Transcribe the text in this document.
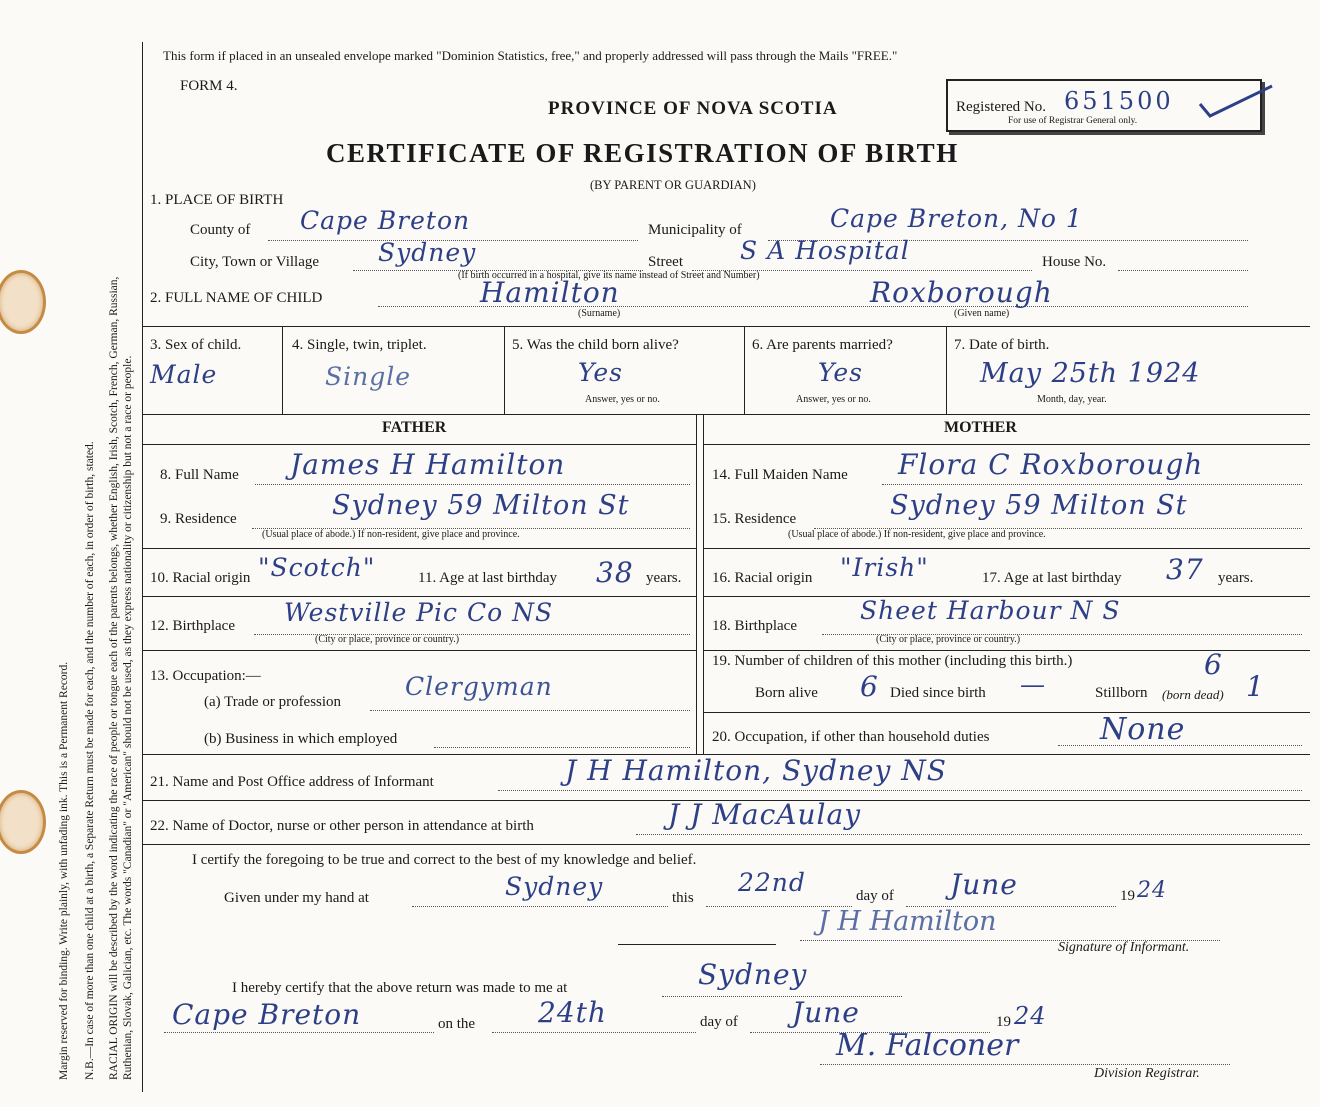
Margin reserved for binding. Write plainly, with unfading ink. This is a Permanent Record. N.B.—In case of more than one child at a birth, a Separate Return must be made for each, and the number of each, in order of birth, stated. RACIAL ORIGIN will be described by the word indicating the race of people or tongue each of the parents belongs, whether English, Irish, Scotch, French, German, Russian, Ruthenian, Slovak, Galician, etc. The words "Canadian" or "American" should not be used, as they express nationality or citizenship but not a race or people.
This form if placed in an unsealed envelope marked "Dominion Statistics, free," and properly addressed will pass through the Mails "FREE."
FORM 4.
PROVINCE OF NOVA SCOTIA	Registered No. 651500
For use of Registrar General only.
CERTIFICATE OF REGISTRATION OF BIRTH
(BY PARENT OR GUARDIAN)
1. PLACE OF BIRTH
County of Cape Breton	Municipality of	Cape Breton, No 1
City, Town or Village Sydney	Street S A Hospital	House No.
(If birth occurred in a hospital, give its name instead of Street and Number)
2. FULL NAME OF CHILD	Hamilton	Roxborough
(Surname)	(Given name)
3. Sex of child.
Male
4. Single, twin, triplet.
Single
5. Was the child born alive?
Yes
Answer, yes or no.
6. Are parents married?
Yes
Answer, yes or no.
7. Date of birth.
May 25th 1924
Month, day, year.
FATHER	MOTHER
8. Full Name James H Hamilton
9. Residence	Sydney 59 Milton St
(Usual place of abode.) If non-resident, give place and province.
10. Racial origin "Scotch"	11. Age at last birthday 38 years.
12. Birthplace Westville Pic Co NS
(City or place, province or country.)
13. Occupation:—
(a) Trade or profession
Clergyman
(b) Business in which employed
14. Full Maiden Name Flora C Roxborough
15. Residence	Sydney 59 Milton St
(Usual place of abode.) If non-resident, give place and province.
16. Racial origin "Irish"	17. Age at last birthday 37 years.
18. Birthplace
Sheet Harbour N S
(City or place, province or country.)
19. Number of children of this mother (including this birth.)	6
Born alive 6 Died since birth —	Stillborn (born dead) 1
20. Occupation, if other than household duties	None
21. Name and Post Office address of Informant	J H Hamilton, Sydney NS
22. Name of Doctor, nurse or other person in attendance at birth	J J MacAulay
I certify the foregoing to be true and correct to the best of my knowledge and belief.
Given under my hand at	Sydney	this
22nd	day of June	19 24
J H Hamilton
Signature of Informant.
I hereby certify that the above return was made to me at	Sydney
Cape Breton	on the 24th	day of June	19 24
M. Falconer
Division Registrar.
